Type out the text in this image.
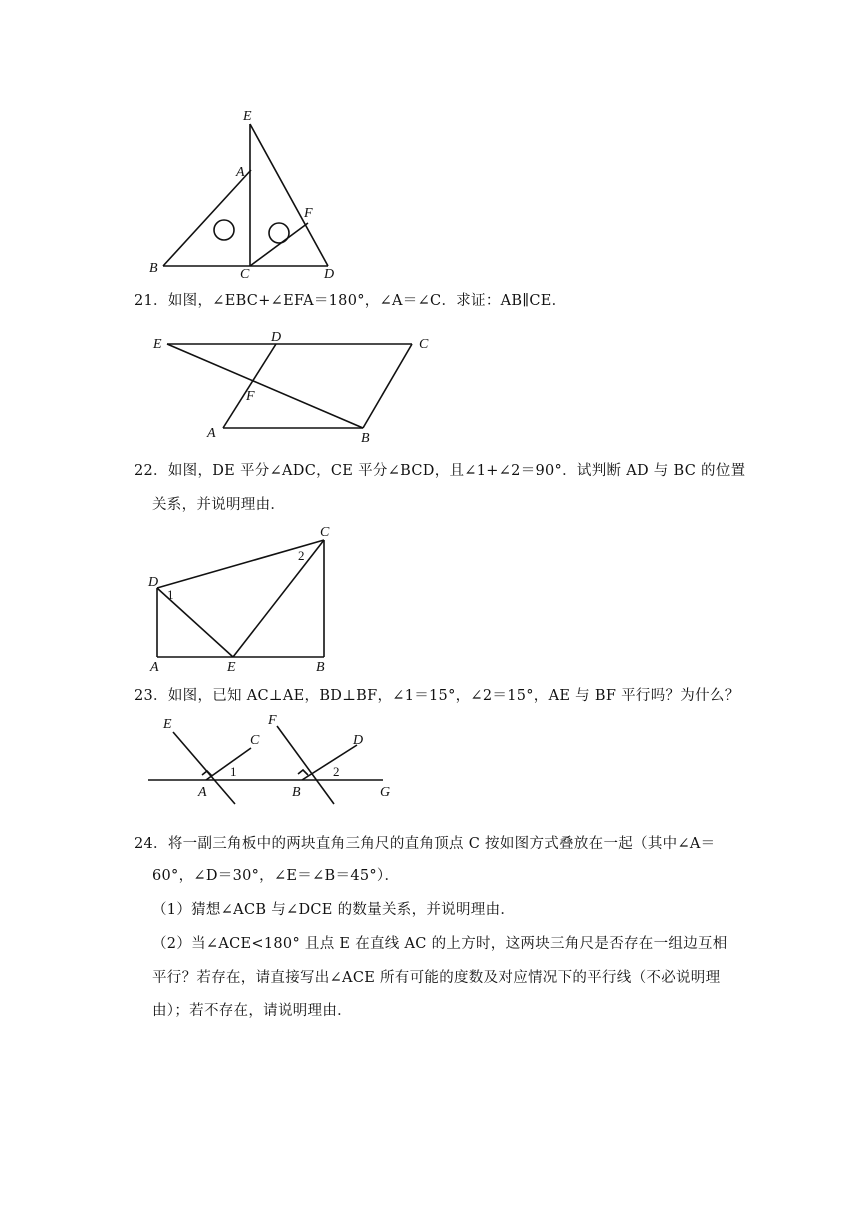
E
A
F
B	C	D
21．如图，∠EBC+∠EFA＝180°，∠A＝∠C．求证：AB∥CE．
E	D	C
F
A	B
22．如图，DE 平分∠ADC，CE 平分∠BCD，且∠1+∠2＝90°．试判断 AD 与 BC 的位置
关系，并说明理由．
C
2
D
1
A	E	B
23．如图，已知 AC⊥AE，BD⊥BF，∠1＝15°，∠2＝15°，AE 与 BF 平行吗？为什么？
E
C
F
D
1	2
A	B	G
24．将一副三角板中的两块直角三角尺的直角顶点 C 按如图方式叠放在一起（其中∠A＝
60°，∠D＝30°，∠E＝∠B＝45°）．
（1）猜想∠ACB 与∠DCE 的数量关系，并说明理由．
（2）当∠ACE<180° 且点 E 在直线 AC 的上方时，这两块三角尺是否存在一组边互相
平行？若存在，请直接写出∠ACE 所有可能的度数及对应情况下的平行线（不必说明理
由）；若不存在，请说明理由．
